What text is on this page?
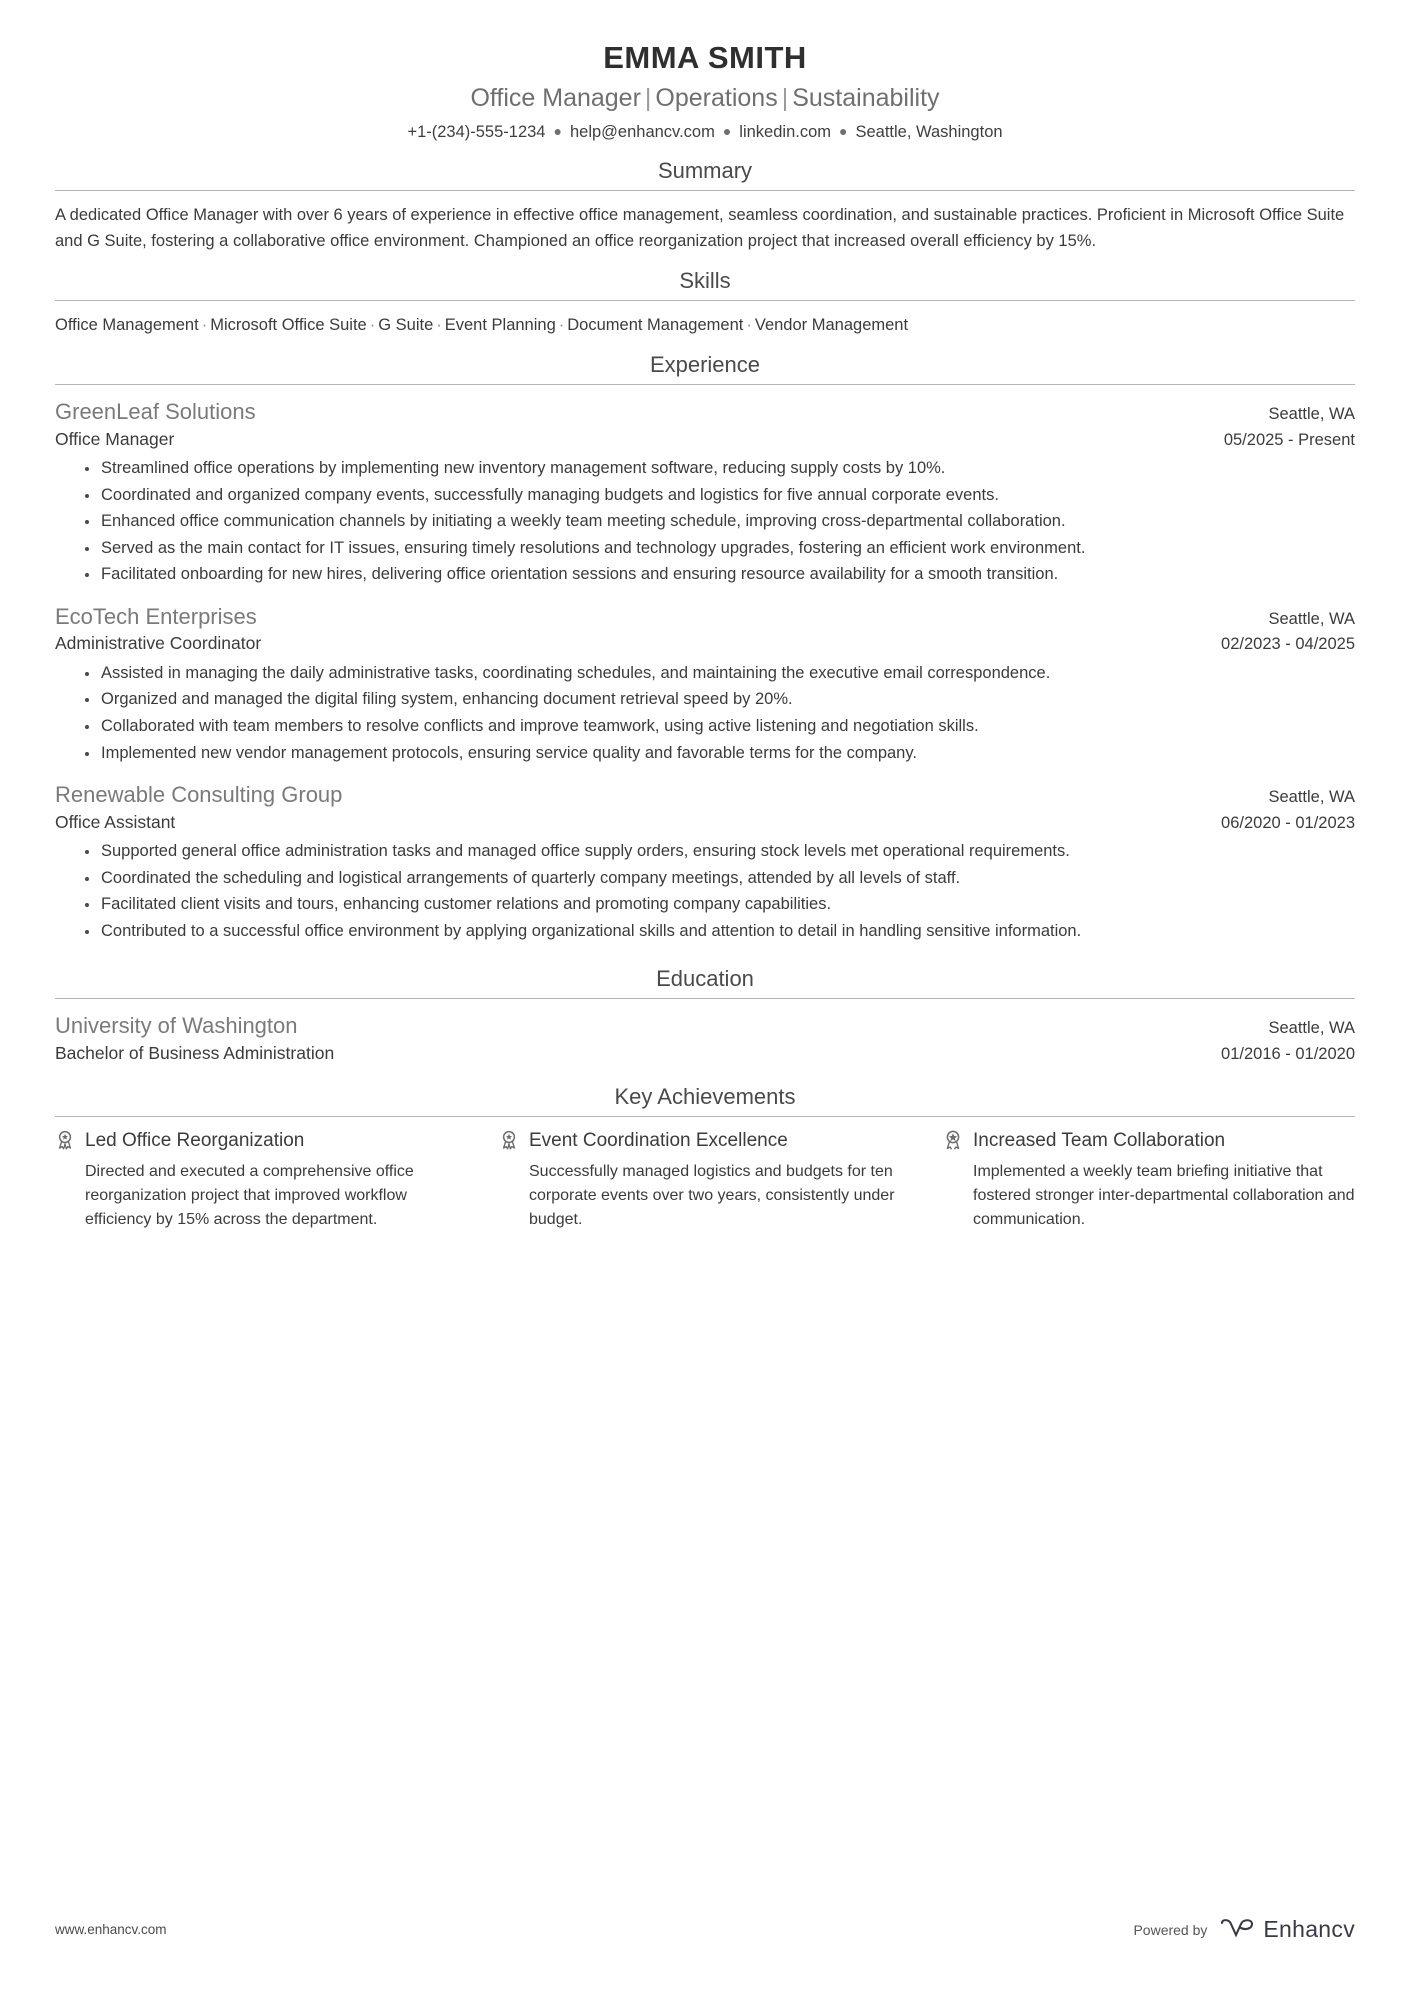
EMMA SMITH
Office Manager | Operations | Sustainability
+1-(234)-555-1234 ● help@enhancv.com ● linkedin.com ● Seattle, Washington
Summary
A dedicated Office Manager with over 6 years of experience in effective office management, seamless coordination, and sustainable practices. Proficient in Microsoft Office Suite and G Suite, fostering a collaborative office environment. Championed an office reorganization project that increased overall efficiency by 15%.
Skills
Office Management · Microsoft Office Suite · G Suite · Event Planning · Document Management · Vendor Management
Experience
GreenLeaf Solutions	Seattle, WA
Office Manager	05/2025 - Present
Streamlined office operations by implementing new inventory management software, reducing supply costs by 10%.
Coordinated and organized company events, successfully managing budgets and logistics for five annual corporate events.
Enhanced office communication channels by initiating a weekly team meeting schedule, improving cross-departmental collaboration.
Served as the main contact for IT issues, ensuring timely resolutions and technology upgrades, fostering an efficient work environment.
Facilitated onboarding for new hires, delivering office orientation sessions and ensuring resource availability for a smooth transition.
EcoTech Enterprises	Seattle, WA
Administrative Coordinator	02/2023 - 04/2025
Assisted in managing the daily administrative tasks, coordinating schedules, and maintaining the executive email correspondence.
Organized and managed the digital filing system, enhancing document retrieval speed by 20%.
Collaborated with team members to resolve conflicts and improve teamwork, using active listening and negotiation skills.
Implemented new vendor management protocols, ensuring service quality and favorable terms for the company.
Renewable Consulting Group	Seattle, WA
Office Assistant	06/2020 - 01/2023
Supported general office administration tasks and managed office supply orders, ensuring stock levels met operational requirements.
Coordinated the scheduling and logistical arrangements of quarterly company meetings, attended by all levels of staff.
Facilitated client visits and tours, enhancing customer relations and promoting company capabilities.
Contributed to a successful office environment by applying organizational skills and attention to detail in handling sensitive information.
Education
University of Washington	Seattle, WA
Bachelor of Business Administration	01/2016 - 01/2020
Key Achievements
Led Office Reorganization
Directed and executed a comprehensive office reorganization project that improved workflow efficiency by 15% across the department.
Event Coordination Excellence
Successfully managed logistics and budgets for ten corporate events over two years, consistently under budget.
Increased Team Collaboration
Implemented a weekly team briefing initiative that fostered stronger inter-departmental collaboration and communication.
www.enhancv.com	Powered by Enhancv
